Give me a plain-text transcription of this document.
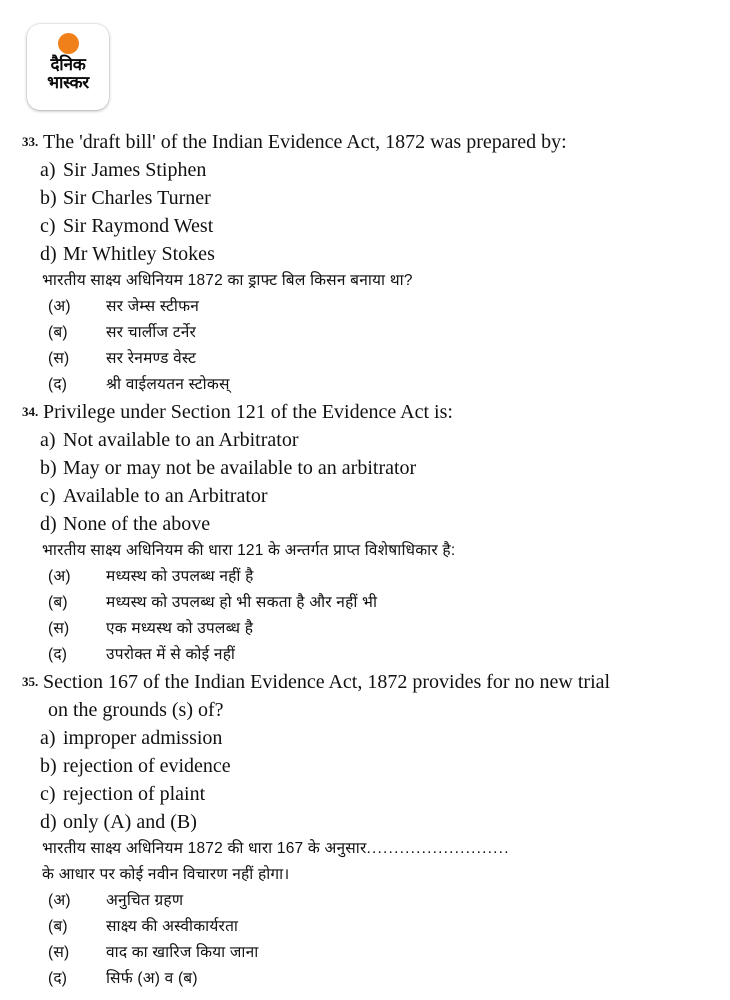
दैनिक
भास्कर
33. The 'draft bill' of the Indian Evidence Act, 1872 was prepared by:
a) Sir James Stiphen
b) Sir Charles Turner
c) Sir Raymond West
d) Mr Whitley Stokes
भारतीय साक्ष्य अधिनियम 1872 का ड्राफ्ट बिल किसन बनाया था?
(अ)	सर जेम्स स्टीफन
(ब)	सर चार्लीज टर्नेर
(स)	सर रेनमण्ड वेस्ट
(द)	श्री वाईलयतन स्टोकस्
34. Privilege under Section 121 of the Evidence Act is:
a) Not available to an Arbitrator
b) May or may not be available to an arbitrator
c) Available to an Arbitrator
d) None of the above
भारतीय साक्ष्य अधिनियम की धारा 121 के अन्तर्गत प्राप्त विशेषाधिकार है:
(अ)	मध्यस्थ को उपलब्ध नहीं है
(ब)	मध्यस्थ को उपलब्ध हो भी सकता है और नहीं भी
(स)	एक मध्यस्थ को उपलब्ध है
(द)	उपरोक्त में से कोई नहीं
35. Section 167 of the Indian Evidence Act, 1872 provides for no new trial
on the grounds (s) of?
a) improper admission
b) rejection of evidence
c) rejection of plaint
d) only (A) and (B)
भारतीय साक्ष्य अधिनियम 1872 की धारा 167 के अनुसार..........................
के आधार पर कोई नवीन विचारण नहीं होगा।
(अ)	अनुचित ग्रहण
(ब)	साक्ष्य की अस्वीकार्यरता
(स)	वाद का खारिज किया जाना
(द)	सिर्फ (अ) व (ब)
